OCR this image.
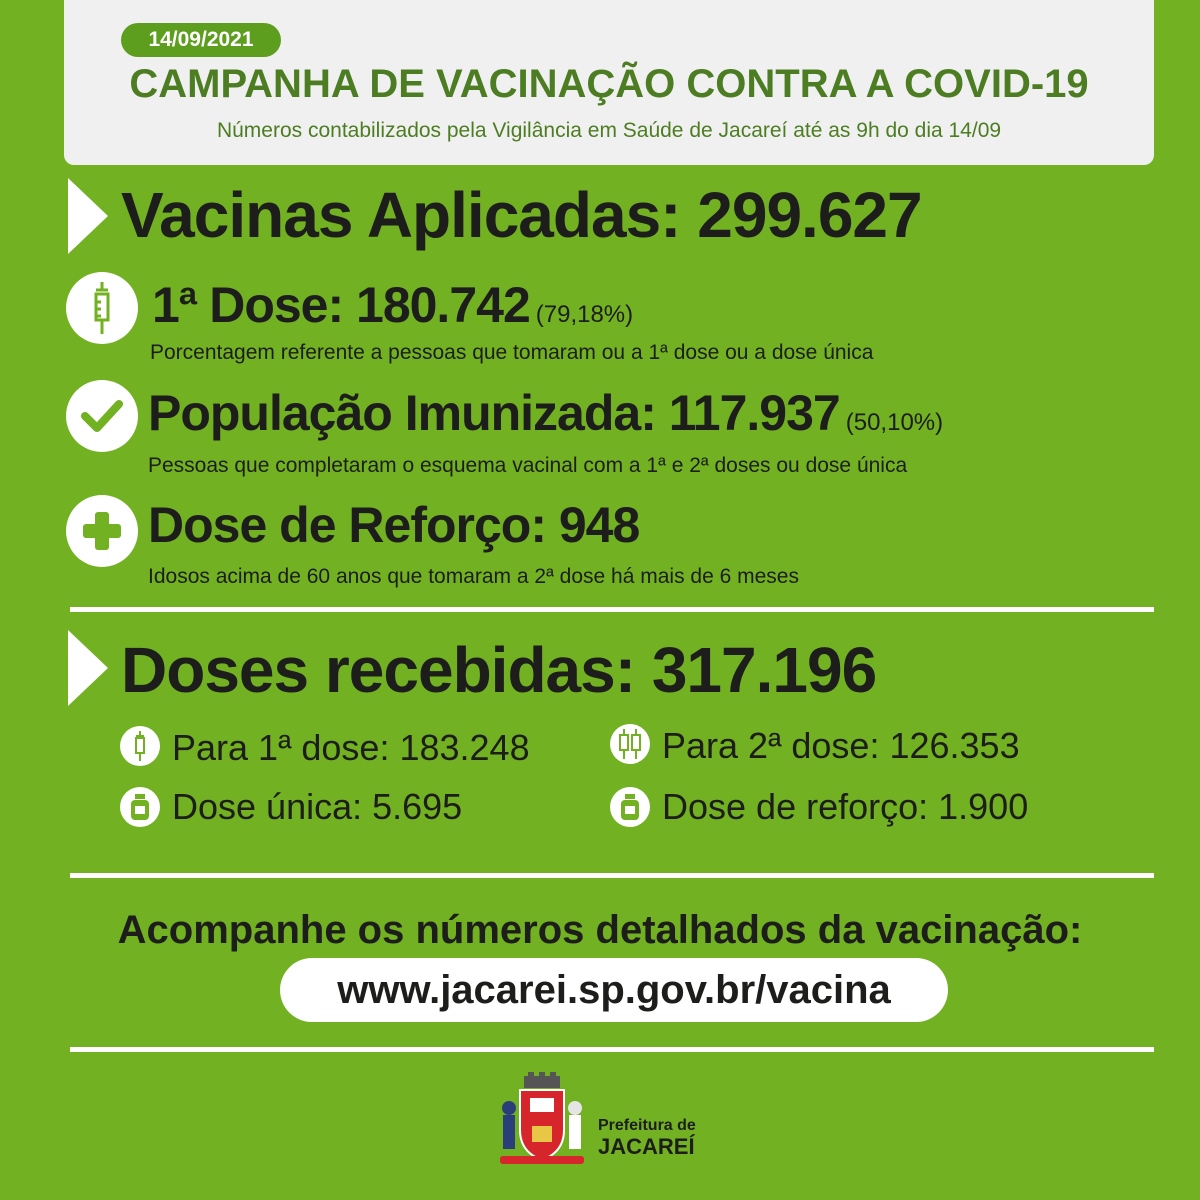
14/09/2021
CAMPANHA DE VACINAÇÃO CONTRA A COVID-19
Números contabilizados pela Vigilância em Saúde de Jacareí até as 9h do dia 14/09
Vacinas Aplicadas: 299.627
1ª Dose: 180.742 (79,18%)
Porcentagem referente a pessoas que tomaram ou a 1ª dose ou a dose única
População Imunizada: 117.937 (50,10%)
Pessoas que completaram o esquema vacinal com a 1ª e 2ª doses ou dose única
Dose de Reforço: 948
Idosos acima de 60 anos que tomaram a 2ª dose há mais de 6 meses
Doses recebidas: 317.196
Para 1ª dose: 183.248	Para 2ª dose: 126.353
Dose única: 5.695	Dose de reforço: 1.900
Acompanhe os números detalhados da vacinação:
www.jacarei.sp.gov.br/vacina
Prefeitura de
JACAREÍ
